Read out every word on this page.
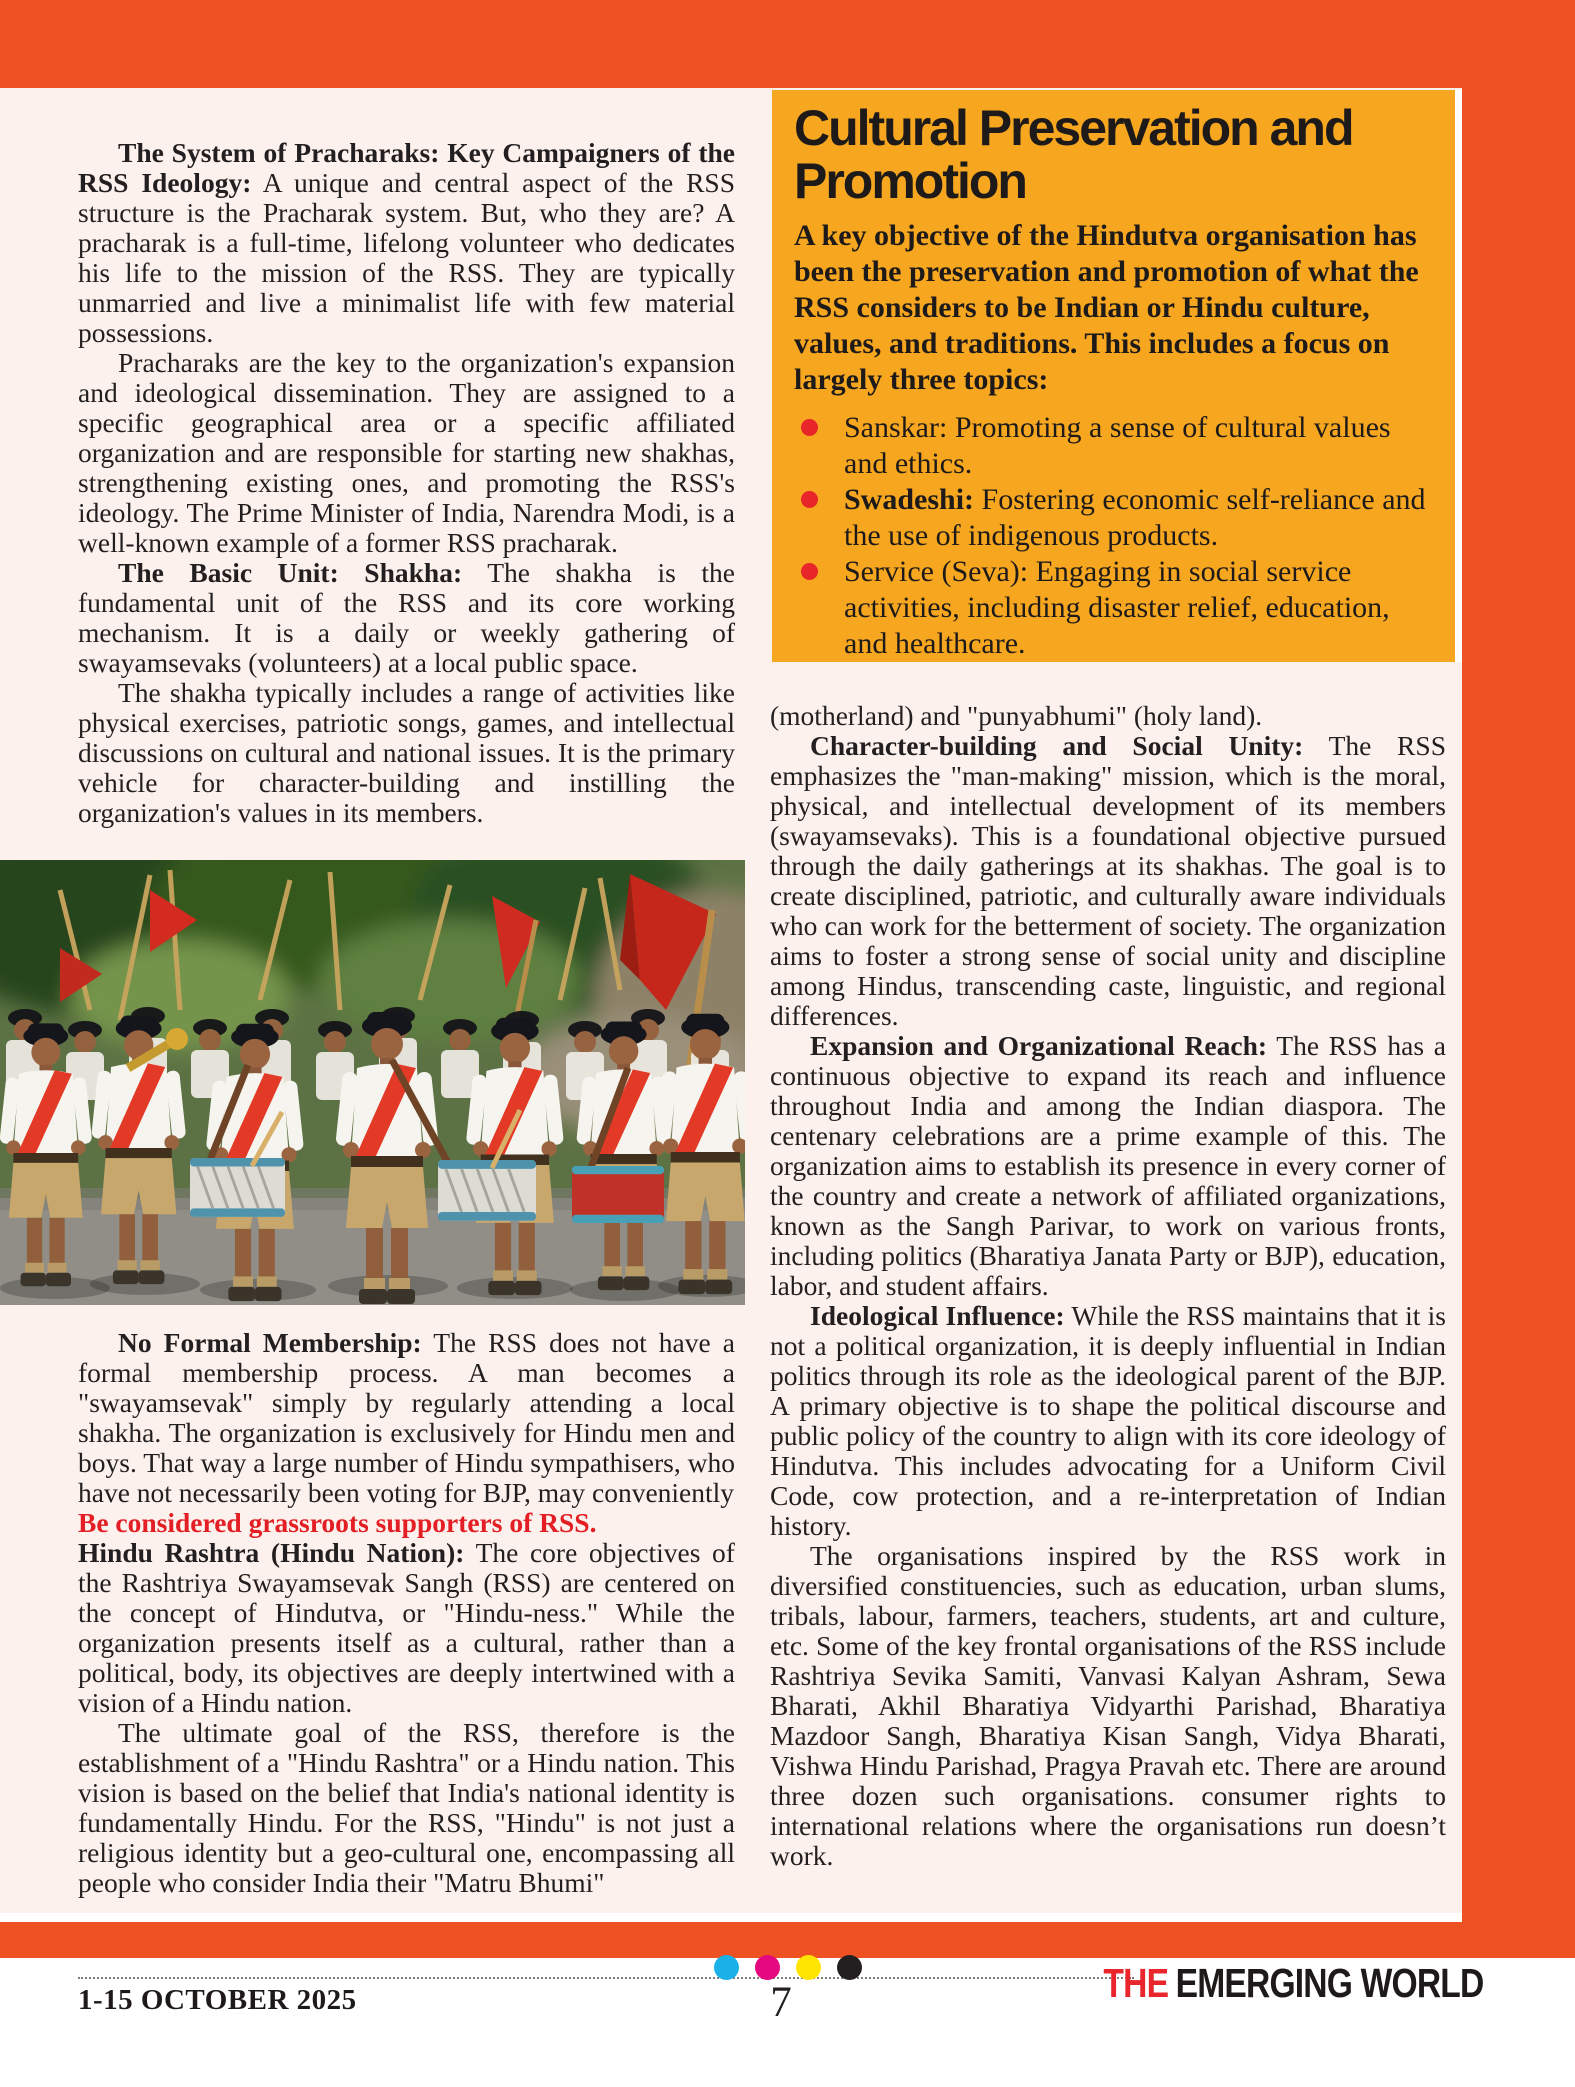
The System of Pracharaks: Key Campaigners of the RSS Ideology: A unique and central aspect of the RSS structure is the Pracharak system. But, who they are? A pracharak is a full-time, lifelong volunteer who dedicates his life to the mission of the RSS. They are typically unmarried and live a minimalist life with few material possessions.

Pracharaks are the key to the organization's expansion and ideological dissemination. They are assigned to a specific geographical area or a specific affiliated organization and are responsible for starting new shakhas, strengthening existing ones, and promoting the RSS's ideology. The Prime Minister of India, Narendra Modi, is a well-known example of a former RSS pracharak.

The Basic Unit: Shakha: The shakha is the fundamental unit of the RSS and its core working mechanism. It is a daily or weekly gathering of swayamsevaks (volunteers) at a local public space.

The shakha typically includes a range of activities like physical exercises, patriotic songs, games, and intellectual discussions on cultural and national issues. It is the primary vehicle for character-building and instilling the organization's values in its members.

No Formal Membership: The RSS does not have a formal membership process. A man becomes a "swayamsevak" simply by regularly attending a local shakha. The organization is exclusively for Hindu men and boys. That way a large number of Hindu sympathisers, who have not necessarily been voting for BJP, may conveniently

Be considered grassroots supporters of RSS.

Hindu Rashtra (Hindu Nation): The core objectives of the Rashtriya Swayamsevak Sangh (RSS) are centered on the concept of Hindutva, or "Hindu-ness." While the organization presents itself as a cultural, rather than a political, body, its objectives are deeply intertwined with a vision of a Hindu nation.

The ultimate goal of the RSS, therefore is the establishment of a "Hindu Rashtra" or a Hindu nation. This vision is based on the belief that India's national identity is fundamentally Hindu. For the RSS, "Hindu" is not just a religious identity but a geo-cultural one, encompassing all people who consider India their "Matru Bhumi"

Cultural Preservation and Promotion
A key objective of the Hindutva organisation has been the preservation and promotion of what the RSS considers to be Indian or Hindu culture, values, and traditions. This includes a focus on largely three topics:
Sanskar: Promoting a sense of cultural values and ethics.
Swadeshi: Fostering economic self-reliance and the use of indigenous products.
Service (Seva): Engaging in social service activities, including disaster relief, education, and healthcare.

(motherland) and "punyabhumi" (holy land).

Character-building and Social Unity: The RSS emphasizes the "man-making" mission, which is the moral, physical, and intellectual development of its members (swayamsevaks). This is a foundational objective pursued through the daily gatherings at its shakhas. The goal is to create disciplined, patriotic, and culturally aware individuals who can work for the betterment of society. The organization aims to foster a strong sense of social unity and discipline among Hindus, transcending caste, linguistic, and regional differences.

Expansion and Organizational Reach: The RSS has a continuous objective to expand its reach and influence throughout India and among the Indian diaspora. The centenary celebrations are a prime example of this. The organization aims to establish its presence in every corner of the country and create a network of affiliated organizations, known as the Sangh Parivar, to work on various fronts, including politics (Bharatiya Janata Party or BJP), education, labor, and student affairs.

Ideological Influence: While the RSS maintains that it is not a political organization, it is deeply influential in Indian politics through its role as the ideological parent of the BJP. A primary objective is to shape the political discourse and public policy of the country to align with its core ideology of Hindutva. This includes advocating for a Uniform Civil Code, cow protection, and a re-interpretation of Indian history.

The organisations inspired by the RSS work in diversified constituencies, such as education, urban slums, tribals, labour, farmers, teachers, students, art and culture, etc. Some of the key frontal organisations of the RSS include Rashtriya Sevika Samiti, Vanvasi Kalyan Ashram, Sewa Bharati, Akhil Bharatiya Vidyarthi Parishad, Bharatiya Mazdoor Sangh, Bharatiya Kisan Sangh, Vidya Bharati, Vishwa Hindu Parishad, Pragya Pravah etc. There are around three dozen such organisations. consumer rights to international relations where the organisations run doesn’t work.

1-15 OCTOBER 2025	7	THE EMERGING WORLD
